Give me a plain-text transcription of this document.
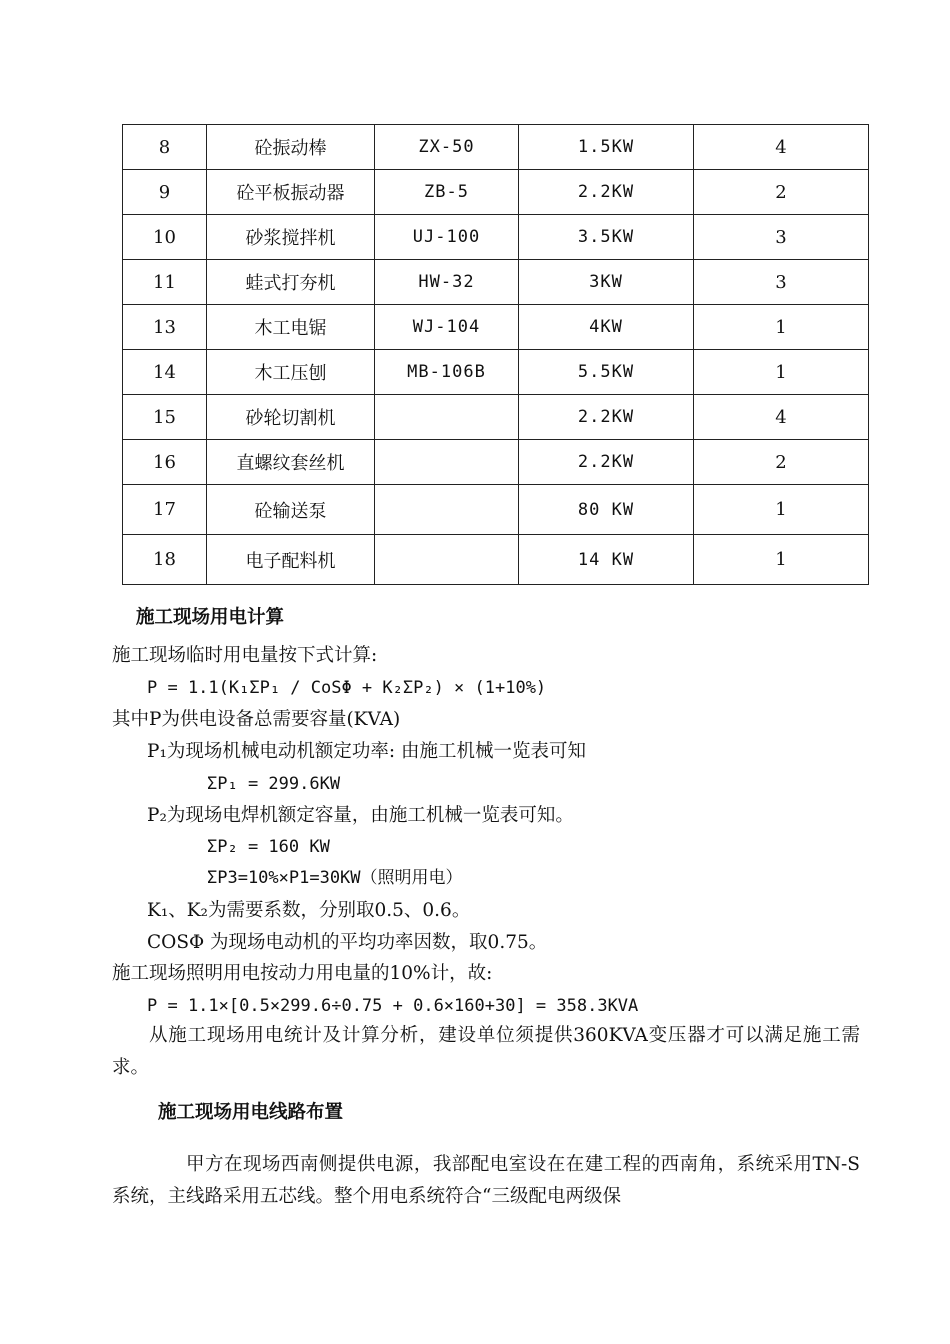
8	砼振动棒	ZX-50	1.5KW	4
9	砼平板振动器	ZB-5	2.2KW	2
10	砂浆搅拌机	UJ-100	3.5KW	3
11	蛙式打夯机	HW-32	3KW	3
13	木工电锯	WJ-104	4KW	1
14	木工压刨	MB-106B	5.5KW	1
15	砂轮切割机		2.2KW	4
16	直螺纹套丝机		2.2KW	2
17	砼输送泵		80 KW	1
18	电子配料机		14 KW	1
施工现场用电计算
施工现场临时用电量按下式计算:
P = 1.1(K₁ΣP₁ / CoSΦ + K₂ΣP₂) × (1+10%)
其中P为供电设备总需要容量(KVA)
P₁为现场机械电动机额定功率: 由施工机械一览表可知
ΣP₁ = 299.6KW
P₂为现场电焊机额定容量，由施工机械一览表可知。
ΣP₂ = 160 KW
ΣP3=10%×P1=30KW（照明用电）
K₁、K₂为需要系数，分别取0.5、0.6。
COSΦ 为现场电动机的平均功率因数，取0.75。
施工现场照明用电按动力用电量的10%计，故:
P = 1.1×[0.5×299.6÷0.75 + 0.6×160+30] = 358.3KVA
从施工现场用电统计及计算分析，建设单位须提供360KVA变压器才可以满足施工需求。
施工现场用电线路布置
甲方在现场西南侧提供电源，我部配电室设在在建工程的西南角，系统采用TN-S系统，主线路采用五芯线。整个用电系统符合“三级配电两级保
